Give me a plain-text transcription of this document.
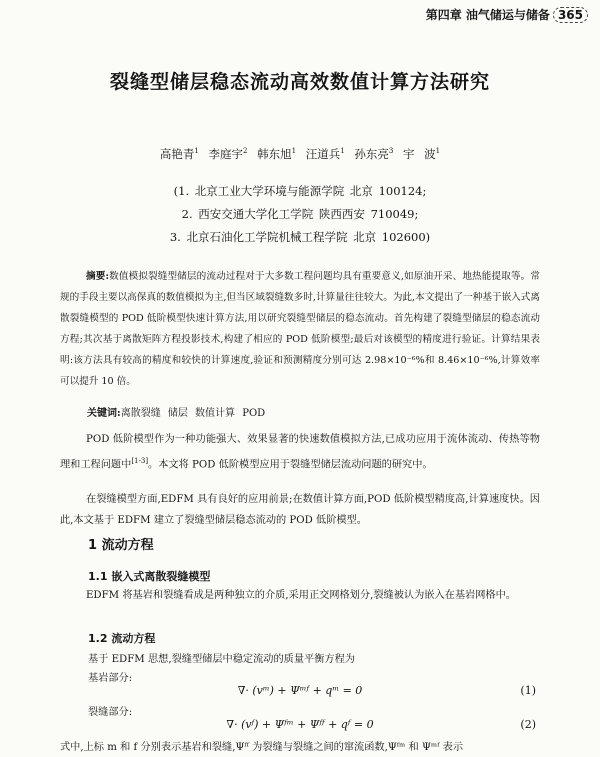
第四章 油气储运与储备 365
裂缝型储层稳态流动高效数值计算方法研究
高艳青$^1$ 李庭宇$^2$ 韩东旭$^1$ 汪道兵$^1$ 孙东亮$^3$ 宇 波$^1$
(1. 北京工业大学环境与能源学院 北京 100124;
2. 西安交通大学化工学院 陕西西安 710049;
3. 北京石油化工学院机械工程学院 北京 102600)
摘要:数值模拟裂缝型储层的流动过程对于大多数工程问题均具有重要意义,如原油开采、地热能提取等。常规的手段主要以高保真的数值模拟为主,但当区域裂缝数多时,计算量往往较大。为此,本文提出了一种基于嵌入式离散裂缝模型的 POD 低阶模型快速计算方法,用以研究裂缝型储层的稳态流动。首先构建了裂缝型储层的稳态流动方程;其次基于离散矩阵方程投影技术,构建了相应的 POD 低阶模型;最后对该模型的精度进行验证。计算结果表明:该方法具有较高的精度和较快的计算速度,验证和预测精度分别可达 2.98×10⁻⁶%和 8.46×10⁻⁶%,计算效率可以提升 10 倍。
关键词:离散裂缝 储层 数值计算 POD
POD 低阶模型作为一种功能强大、效果显著的快速数值模拟方法,已成功应用于流体流动、传热等物理和工程问题中[1-3]。本文将 POD 低阶模型应用于裂缝型储层流动问题的研究中。
在裂缝模型方面,EDFM 具有良好的应用前景;在数值计算方面,POD 低阶模型精度高,计算速度快。因此,本文基于 EDFM 建立了裂缝型储层稳态流动的 POD 低阶模型。
1 流动方程
1.1 嵌入式离散裂缝模型
EDFM 将基岩和裂缝看成是两种独立的介质,采用正交网格划分,裂缝被认为嵌入在基岩网格中。
1.2 流动方程
基于 EDFM 思想,裂缝型储层中稳定流动的质量平衡方程为
基岩部分:
∇· (vᵐ) + Ψᵐᶠ + qᵐ = 0	(1)
裂缝部分:
∇· (vᶠ) + Ψᶠᵐ + Ψᶠᶠ + qᶠ = 0	(2)
式中,上标 m 和 f 分别表示基岩和裂缝,Ψᶠᶠ 为裂缝与裂缝之间的窜流函数,Ψᶠᵐ 和 Ψᵐᶠ 表示
